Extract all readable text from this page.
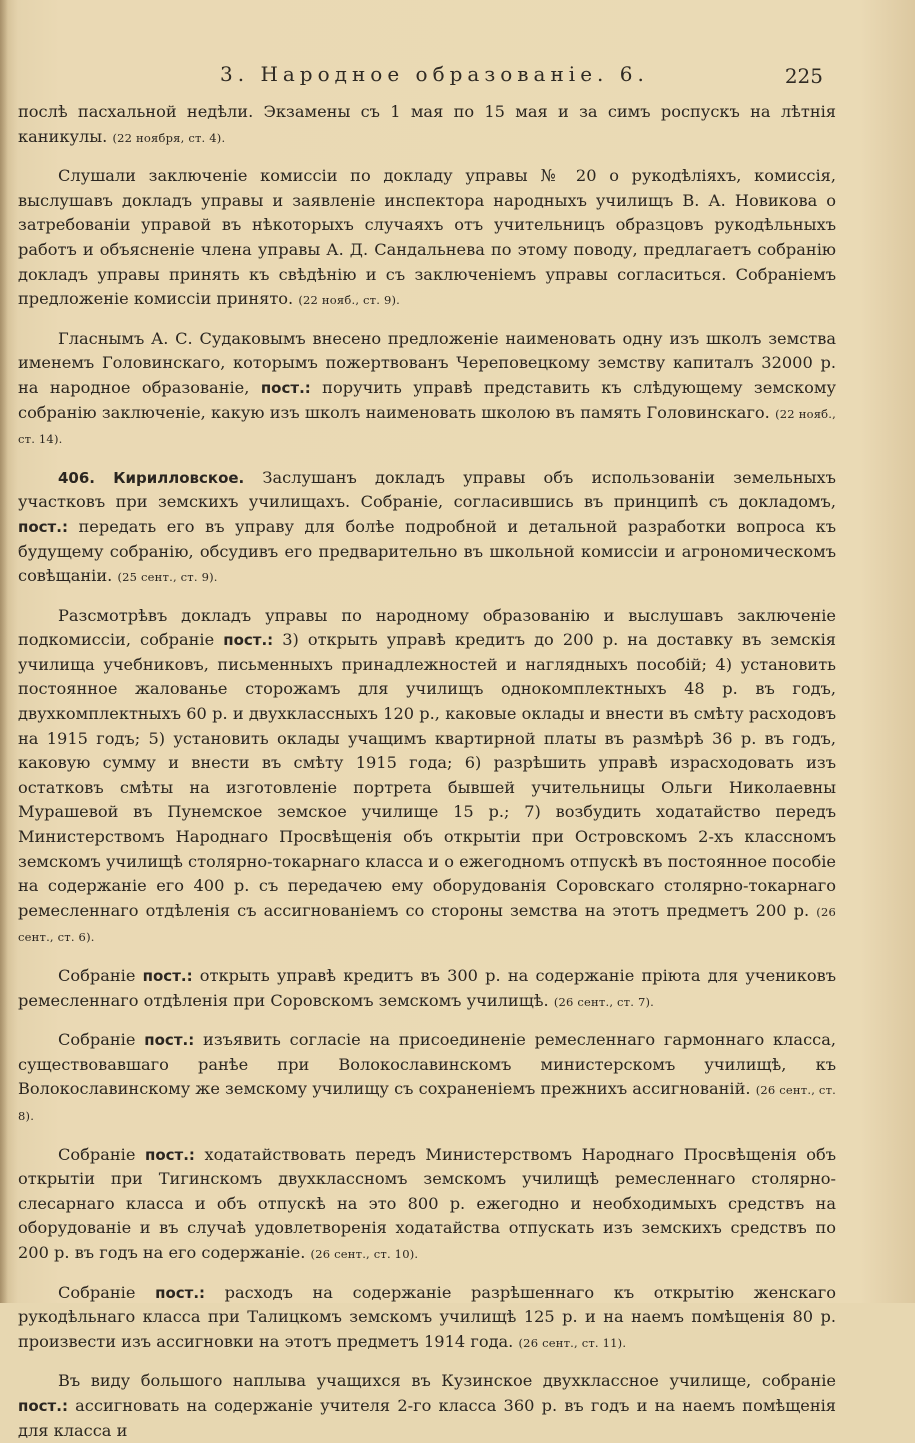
3. Народное образованіе. 6.	225

послѣ пасхальной недѣли. Экзамены съ 1 мая по 15 мая и за симъ роспускъ на лѣтнія каникулы. (22 ноября, ст. 4).

Слушали заключеніе комиссіи по докладу управы № 20 о рукодѣліяхъ, комиссія, выслушавъ докладъ управы и заявленіе инспектора народныхъ училищъ В. А. Новикова о затребованіи управой въ нѣкоторыхъ случаяхъ отъ учительницъ образцовъ рукодѣльныхъ работъ и объясненіе члена управы А. Д. Сандальнева по этому поводу, предлагаетъ собранію докладъ управы принять къ свѣдѣнію и съ заключеніемъ управы согласиться. Собраніемъ предложеніе комиссіи принято. (22 нояб., ст. 9).

Гласнымъ А. С. Судаковымъ внесено предложеніе наименовать одну изъ школъ земства именемъ Головинскаго, которымъ пожертвованъ Череповецкому земству капиталъ 32000 р. на народное образованіе, пост.: поручить управѣ представить къ слѣдующему земскому собранію заключеніе, какую изъ школъ наименовать школою въ память Головинскаго. (22 нояб., ст. 14).

406. Кирилловское. Заслушанъ докладъ управы объ использованіи земельныхъ участковъ при земскихъ училищахъ. Собраніе, согласившись въ принципѣ съ докладомъ, пост.: передать его въ управу для болѣе подробной и детальной разработки вопроса къ будущему собранію, обсудивъ его предварительно въ школьной комиссіи и агрономическомъ совѣщаніи. (25 сент., ст. 9).

Разсмотрѣвъ докладъ управы по народному образованію и выслушавъ заключеніе подкомиссіи, собраніе пост.: 3) открыть управѣ кредитъ до 200 р. на доставку въ земскія училища учебниковъ, письменныхъ принадлежностей и наглядныхъ пособій; 4) установить постоянное жалованье сторожамъ для училищъ однокомплектныхъ 48 р. въ годъ, двухкомплектныхъ 60 р. и двухклассныхъ 120 р., каковые оклады и внести въ смѣту расходовъ на 1915 годъ; 5) установить оклады учащимъ квартирной платы въ размѣрѣ 36 р. въ годъ, каковую сумму и внести въ смѣту 1915 года; 6) разрѣшить управѣ израсходовать изъ остатковъ смѣты на изготовленіе портрета бывшей учительницы Ольги Николаевны Мурашевой въ Пунемское земское училище 15 р.; 7) возбудить ходатайство передъ Министерствомъ Народнаго Просвѣщенія объ открытіи при Островскомъ 2-хъ классномъ земскомъ училищѣ столярно-токарнаго класса и о ежегодномъ отпускѣ въ постоянное пособіе на содержаніе его 400 р. съ передачею ему оборудованія Соровскаго столярно-токарнаго ремесленнаго отдѣленія съ ассигнованіемъ со стороны земства на этотъ предметъ 200 р. (26 сент., ст. 6).

Собраніе пост.: открыть управѣ кредитъ въ 300 р. на содержаніе пріюта для учениковъ ремесленнаго отдѣленія при Соровскомъ земскомъ училищѣ. (26 сент., ст. 7).

Собраніе пост.: изъявить согласіе на присоединеніе ремесленнаго гармоннаго класса, существовавшаго ранѣе при Волокославинскомъ министерскомъ училищѣ, къ Волокославинскому же земскому училищу съ сохраненіемъ прежнихъ ассигнованій. (26 сент., ст. 8).

Собраніе пост.: ходатайствовать передъ Министерствомъ Народнаго Просвѣщенія объ открытіи при Тигинскомъ двухклассномъ земскомъ училищѣ ремесленнаго столярно-слесарнаго класса и объ отпускѣ на это 800 р. ежегодно и необходимыхъ средствъ на оборудованіе и въ случаѣ удовлетворенія ходатайства отпускать изъ земскихъ средствъ по 200 р. въ годъ на его содержаніе. (26 сент., ст. 10).

Собраніе пост.: расходъ на содержаніе разрѣшеннаго къ открытію женскаго рукодѣльнаго класса при Талицкомъ земскомъ училищѣ 125 р. и на наемъ помѣщенія 80 р. произвести изъ ассигновки на этотъ предметъ 1914 года. (26 сент., ст. 11).

Въ виду большого наплыва учащихся въ Кузинское двухклассное училище, собраніе пост.: ассигновать на содержаніе учителя 2-го класса 360 р. въ годъ и на наемъ помѣщенія для класса и
